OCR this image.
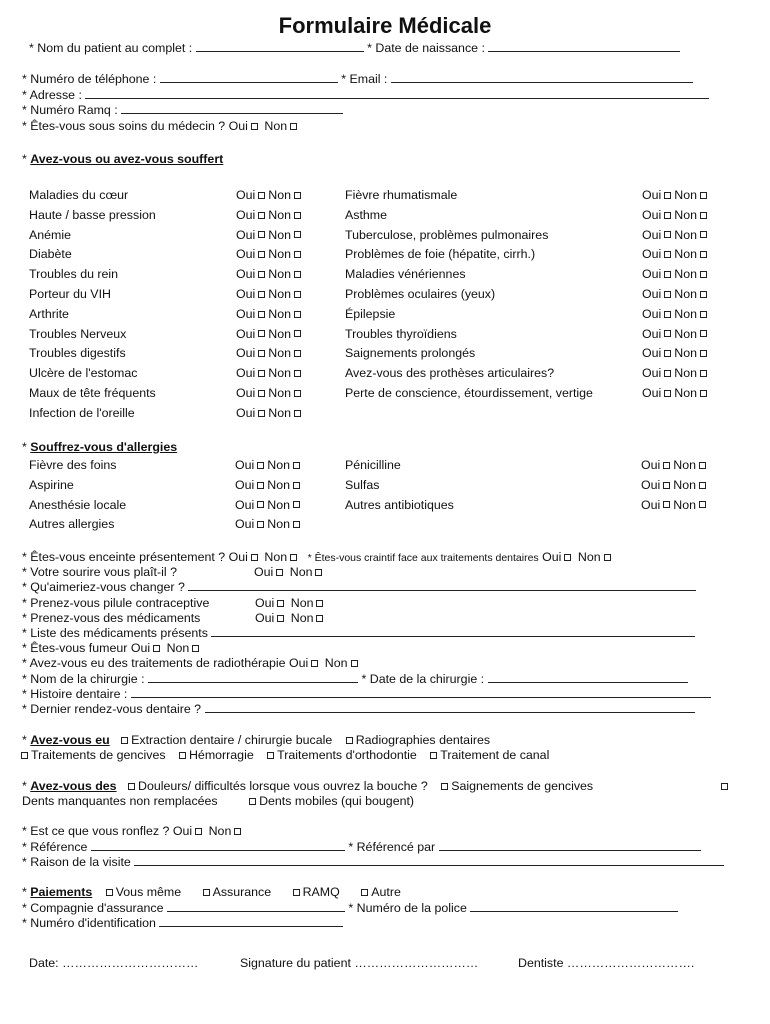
Formulaire Médicale
* Nom du patient au complet :	* Date de naissance :
* Numéro de téléphone :	* Email :
* Adresse :
* Numéro Ramq :
* Êtes-vous sous soins du médecin ? Oui Non
* Avez-vous ou avez-vous souffert
Maladies du cœur	Oui Non
Haute / basse pression	Oui Non
Anémie	Oui Non
Diabète	Oui Non
Troubles du rein	Oui Non
Porteur du VIH	Oui Non
Arthrite	Oui Non
Troubles Nerveux	Oui Non
Troubles digestifs	Oui Non
Ulcère de l'estomac	Oui Non
Maux de tête fréquents	Oui Non
Infection de l'oreille	Oui Non
Fièvre rhumatismale	Oui Non
Asthme	Oui Non
Tuberculose, problèmes pulmonaires	Oui Non
Problèmes de foie (hépatite, cirrh.)	Oui Non
Maladies vénériennes	Oui Non
Problèmes oculaires (yeux)	Oui Non
Épilepsie	Oui Non
Troubles thyroïdiens	Oui Non
Saignements prolongés	Oui Non
Avez-vous des prothèses articulaires?	Oui Non
Perte de conscience, étourdissement, vertige	Oui Non
* Souffrez-vous d'allergies
Fièvre des foins	Oui Non
Aspirine	Oui Non
Anesthésie locale	Oui Non
Autres allergies	Oui Non
Pénicilline	Oui Non
Sulfas	Oui Non
Autres antibiotiques	Oui Non
* Êtes-vous enceinte présentement ? Oui Non * Êtes-vous craintif face aux traitements dentaires Oui Non
* Votre sourire vous plaît-il ?	Oui Non
* Qu'aimeriez-vous changer ?
* Prenez-vous pilule contraceptive	Oui Non
* Prenez-vous des médicaments	Oui Non
* Liste des médicaments présents
* Êtes-vous fumeur Oui Non
* Avez-vous eu des traitements de radiothérapie Oui Non
* Nom de la chirurgie :	* Date de la chirurgie :
* Histoire dentaire :
* Dernier rendez-vous dentaire ?
* Avez-vous eu Extraction dentaire / chirurgie bucale Radiographies dentaires
Traitements de gencives Hémorragie Traitements d'orthodontie Traitement de canal
* Avez-vous des Douleurs/ difficultés lorsque vous ouvrez la bouche ? Saignements de gencives
Dents manquantes non remplacées	Dents mobiles (qui bougent)
* Est ce que vous ronflez ? Oui Non
* Référence	* Référencé par
* Raison de la visite
* Paiements Vous même	Assurance	RAMQ	Autre
* Compagnie d'assurance	* Numéro de la police
* Numéro d'identification
Date: ……………………………	Signature du patient …………………………	Dentiste ………………………….
